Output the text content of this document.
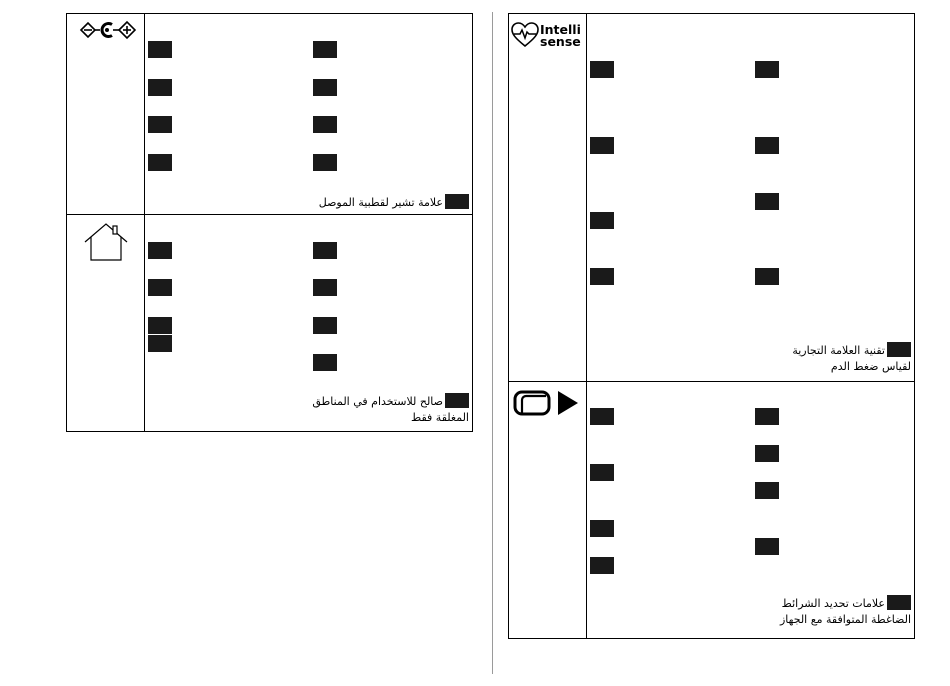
علامة تشير لقطبية الموصل
صالح للاستخدام في المناطق
المغلقة فقط
Intelli
sense
تقنية العلامة التجارية
لقياس ضغط الدم
علامات تحديد الشرائط
الضاغطة المتوافقة مع الجهاز
